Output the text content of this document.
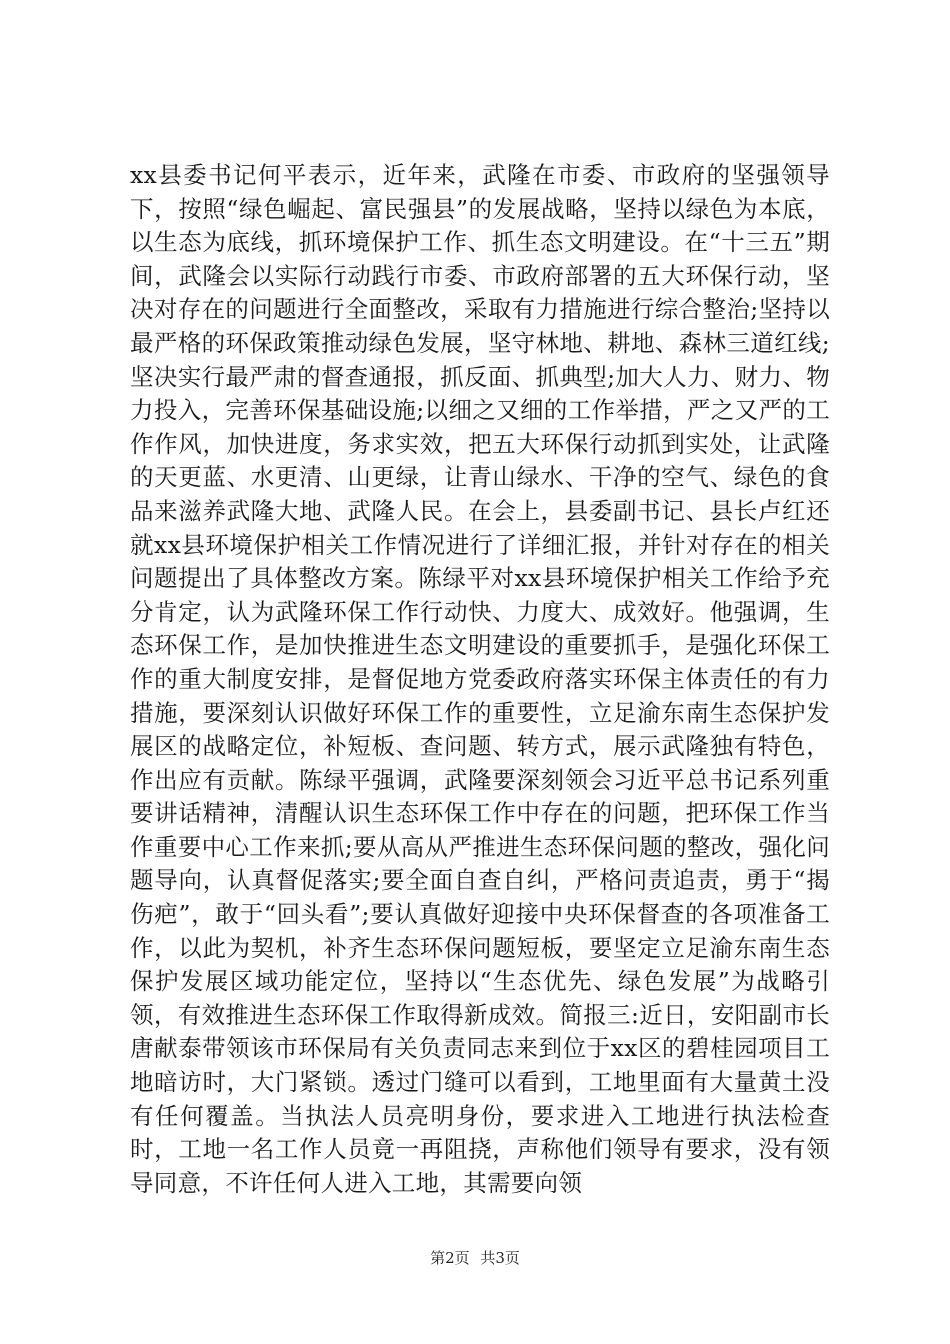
xx县委书记何平表示，近年来，武隆在市委、市政府的坚强领导下，按照“绿色崛起、富民强县”的发展战略，坚持以绿色为本底，以生态为底线，抓环境保护工作、抓生态文明建设。在“十三五”期间，武隆会以实际行动践行市委、市政府部署的五大环保行动，坚决对存在的问题进行全面整改，采取有力措施进行综合整治;坚持以最严格的环保政策推动绿色发展，坚守林地、耕地、森林三道红线;坚决实行最严肃的督查通报，抓反面、抓典型;加大人力、财力、物力投入，完善环保基础设施;以细之又细的工作举措，严之又严的工作作风，加快进度，务求实效，把五大环保行动抓到实处，让武隆的天更蓝、水更清、山更绿，让青山绿水、干净的空气、绿色的食品来滋养武隆大地、武隆人民。在会上，县委副书记、县长卢红还就xx县环境保护相关工作情况进行了详细汇报，并针对存在的相关问题提出了具体整改方案。陈绿平对xx县环境保护相关工作给予充分肯定，认为武隆环保工作行动快、力度大、成效好。他强调，生态环保工作，是加快推进生态文明建设的重要抓手，是强化环保工作的重大制度安排，是督促地方党委政府落实环保主体责任的有力措施，要深刻认识做好环保工作的重要性，立足渝东南生态保护发展区的战略定位，补短板、查问题、转方式，展示武隆独有特色，作出应有贡献。陈绿平强调，武隆要深刻领会习近平总书记系列重要讲话精神，清醒认识生态环保工作中存在的问题，把环保工作当作重要中心工作来抓;要从高从严推进生态环保问题的整改，强化问题导向，认真督促落实;要全面自查自纠，严格问责追责，勇于“揭伤疤”，敢于“回头看”;要认真做好迎接中央环保督查的各项准备工作，以此为契机，补齐生态环保问题短板，要坚定立足渝东南生态保护发展区域功能定位，坚持以“生态优先、绿色发展”为战略引领，有效推进生态环保工作取得新成效。简报三:近日，安阳副市长唐献泰带领该市环保局有关负责同志来到位于xx区的碧桂园项目工地暗访时，大门紧锁。透过门缝可以看到，工地里面有大量黄土没有任何覆盖。当执法人员亮明身份，要求进入工地进行执法检查时，工地一名工作人员竟一再阻挠，声称他们领导有要求，没有领导同意，不许任何人进入工地，其需要向领

第2页 共3页
